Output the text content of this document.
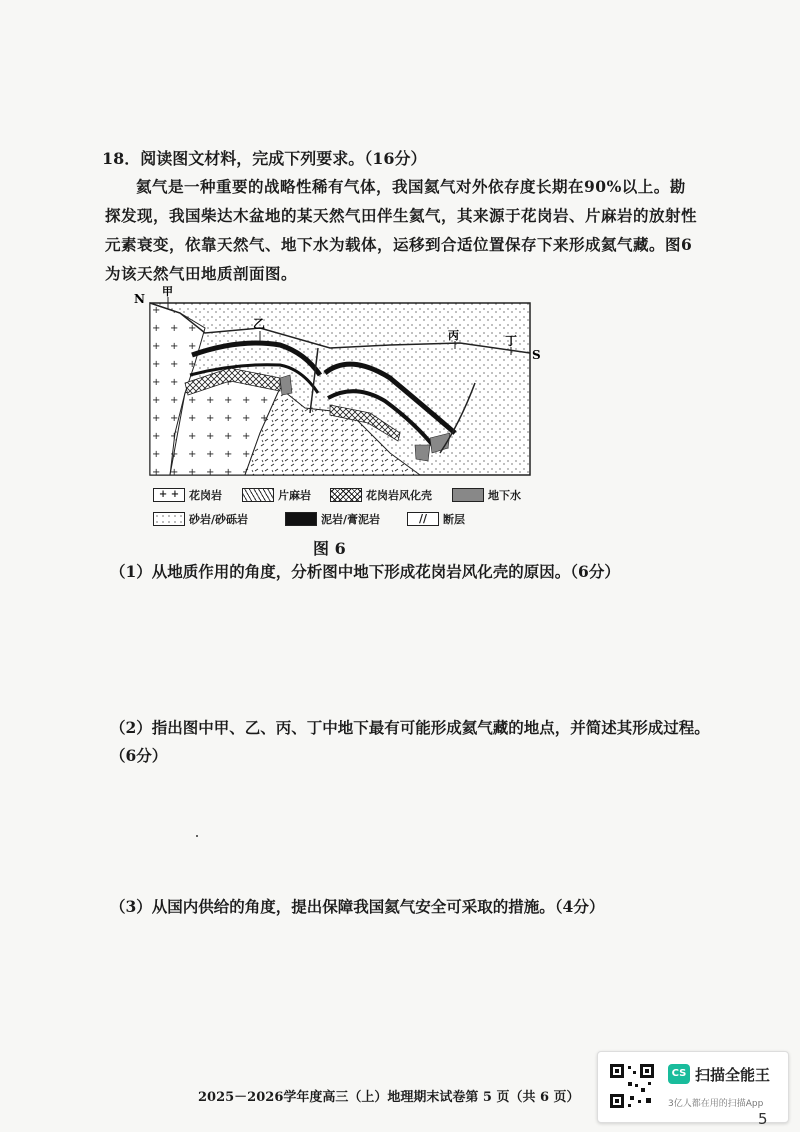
18．阅读图文材料，完成下列要求。（16分）
氦气是一种重要的战略性稀有气体，我国氦气对外依存度长期在90%以上。勘探发现，我国柴达木盆地的某天然气田伴生氦气，其来源于花岗岩、片麻岩的放射性元素衰变，依靠天然气、地下水为载体，运移到合适位置保存下来形成氦气藏。图6为该天然气田地质剖面图。
N
甲
乙
丙	丁
S
+ + 花岗岩	片麻岩	花岗岩风化壳	地下水
砂岩/砂砾岩	泥岩/膏泥岩	//	断层
图 6
（1）从地质作用的角度，分析图中地下形成花岗岩风化壳的原因。（6分）
（2）指出图中甲、乙、丙、丁中地下最有可能形成氦气藏的地点，并简述其形成过程。（6分）
（3）从国内供给的角度，提出保障我国氦气安全可采取的措施。（4分）
2025－2026学年度高三（上）地理期末试卷第 5 页（共 6 页）
CS 扫描全能王
3亿人都在用的扫描App
5
